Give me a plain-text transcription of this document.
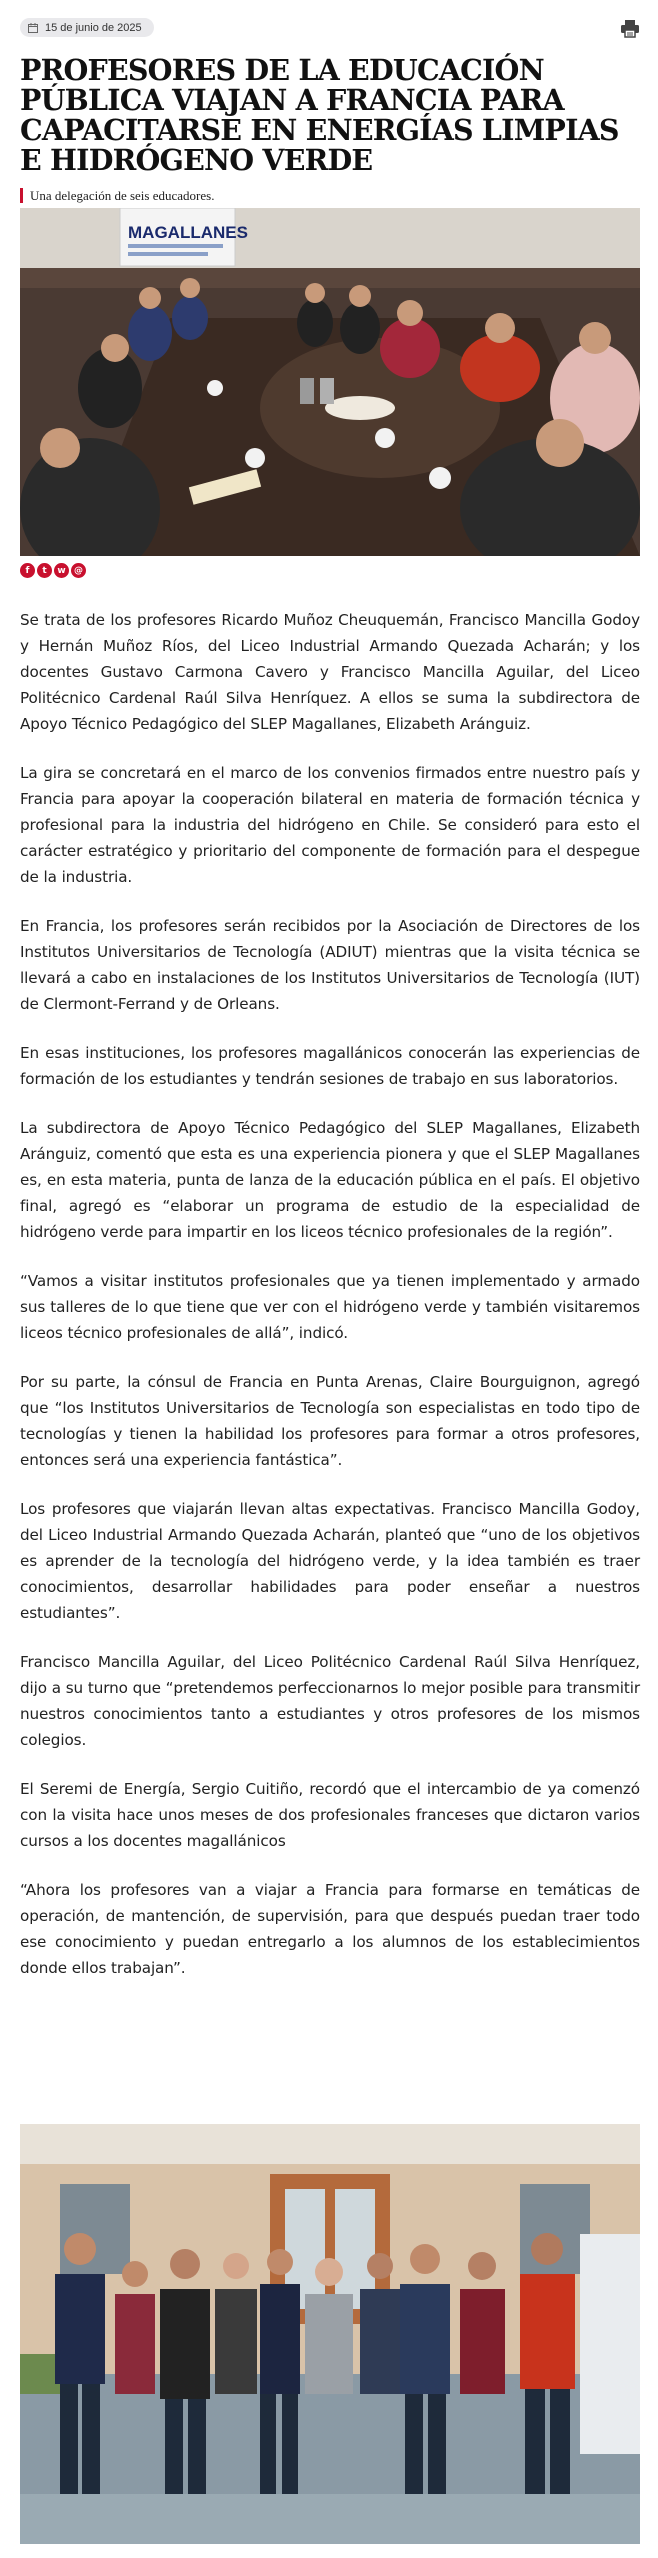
15 de junio de 2025
PROFESORES DE LA EDUCACIÓN PÚBLICA VIAJAN A FRANCIA PARA CAPACITARSE EN ENERGÍAS LIMPIAS E HIDRÓGENO VERDE
Una delegación de seis educadores.
MAGALLANES
f	t	w @

Se trata de los profesores Ricardo Muñoz Cheuquemán, Francisco Mancilla Godoy y Hernán Muñoz Ríos, del Liceo Industrial Armando Quezada Acharán; y los docentes Gustavo Carmona Cavero y Francisco Mancilla Aguilar, del Liceo Politécnico Cardenal Raúl Silva Henríquez. A ellos se suma la subdirectora de Apoyo Técnico Pedagógico del SLEP Magallanes, Elizabeth Aránguiz.

La gira se concretará en el marco de los convenios firmados entre nuestro país y Francia para apoyar la cooperación bilateral en materia de formación técnica y profesional para la industria del hidrógeno en Chile. Se consideró para esto el carácter estratégico y prioritario del componente de formación para el despegue de la industria.

En Francia, los profesores serán recibidos por la Asociación de Directores de los Institutos Universitarios de Tecnología (ADIUT) mientras que la visita técnica se llevará a cabo en instalaciones de los Institutos Universitarios de Tecnología (IUT) de Clermont-Ferrand y de Orleans.

En esas instituciones, los profesores magallánicos conocerán las experiencias de formación de los estudiantes y tendrán sesiones de trabajo en sus laboratorios.

La subdirectora de Apoyo Técnico Pedagógico del SLEP Magallanes, Elizabeth Aránguiz, comentó que esta es una experiencia pionera y que el SLEP Magallanes es, en esta materia, punta de lanza de la educación pública en el país. El objetivo final, agregó es “elaborar un programa de estudio de la especialidad de hidrógeno verde para impartir en los liceos técnico profesionales de la región”.

“Vamos a visitar institutos profesionales que ya tienen implementado y armado sus talleres de lo que tiene que ver con el hidrógeno verde y también visitaremos liceos técnico profesionales de allá”, indicó.

Por su parte, la cónsul de Francia en Punta Arenas, Claire Bourguignon, agregó que “los Institutos Universitarios de Tecnología son especialistas en todo tipo de tecnologías y tienen la habilidad los profesores para formar a otros profesores, entonces será una experiencia fantástica”.

Los profesores que viajarán llevan altas expectativas. Francisco Mancilla Godoy, del Liceo Industrial Armando Quezada Acharán, planteó que “uno de los objetivos es aprender de la tecnología del hidrógeno verde, y la idea también es traer conocimientos, desarrollar habilidades para poder enseñar a nuestros estudiantes”.

Francisco Mancilla Aguilar, del Liceo Politécnico Cardenal Raúl Silva Henríquez, dijo a su turno que “pretendemos perfeccionarnos lo mejor posible para transmitir nuestros conocimientos tanto a estudiantes y otros profesores de los mismos colegios.

El Seremi de Energía, Sergio Cuitiño, recordó que el intercambio de ya comenzó con la visita hace unos meses de dos profesionales franceses que dictaron varios cursos a los docentes magallánicos

“Ahora los profesores van a viajar a Francia para formarse en temáticas de operación, de mantención, de supervisión, para que después puedan traer todo ese conocimiento y puedan entregarlo a los alumnos de los establecimientos donde ellos trabajan”.
